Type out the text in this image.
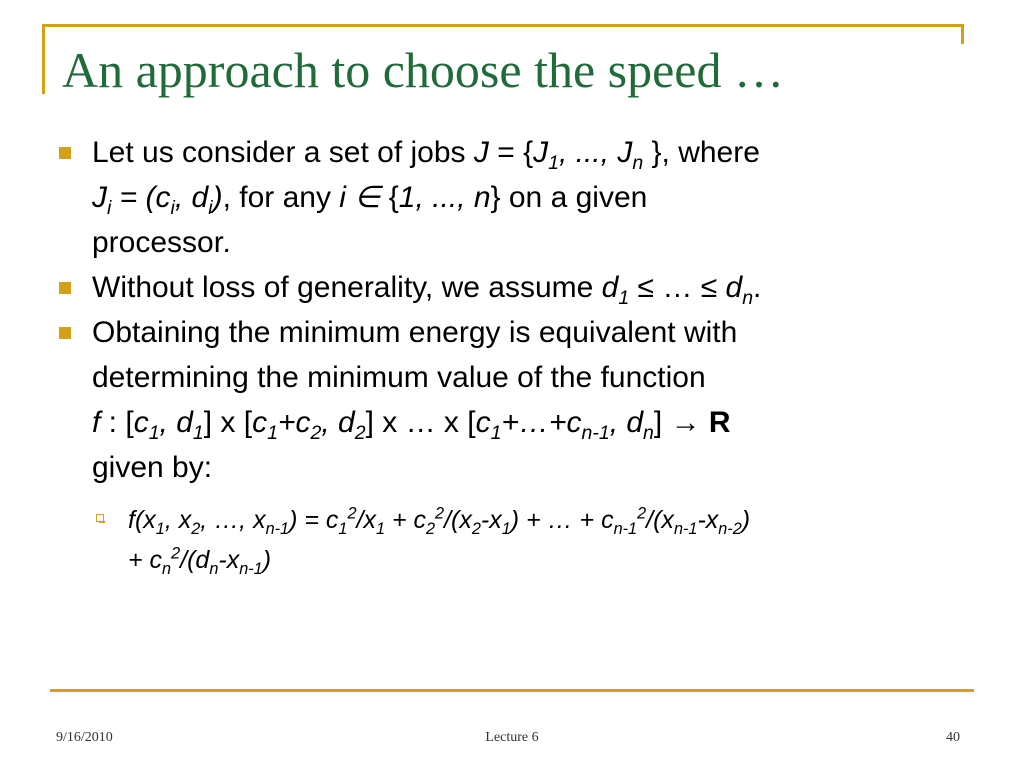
An approach to choose the speed …
Let us consider a set of jobs $J = \{J_1$, ..., $J_n$ }, where
$J_i = (c_i$, $d_i$), for any i ∈ {1, ..., n} on a given
processor.
Without loss of generality, we assume $d_1$ ≤ … ≤ $d_n$.
Obtaining the minimum energy is equivalent with
determining the minimum value of the function
f : [$c_1$, $d_1$] x [$c_1+c_2$, $d_2$] x … x [$c_1+\dots+c_{n-1}$, $d_n] \to R$
given by:
$f(x_1$, $x_2$, …, $x_{n-1}) = c_1^2/x_1 + c_2^2/(x_2-x_1)$ + … + $c_{n-1}^2/(x_{n-1}-x_{n-2})$
+ $c_n^2/(d_n-x_{n-1})$
9/16/2010	Lecture 6	40
